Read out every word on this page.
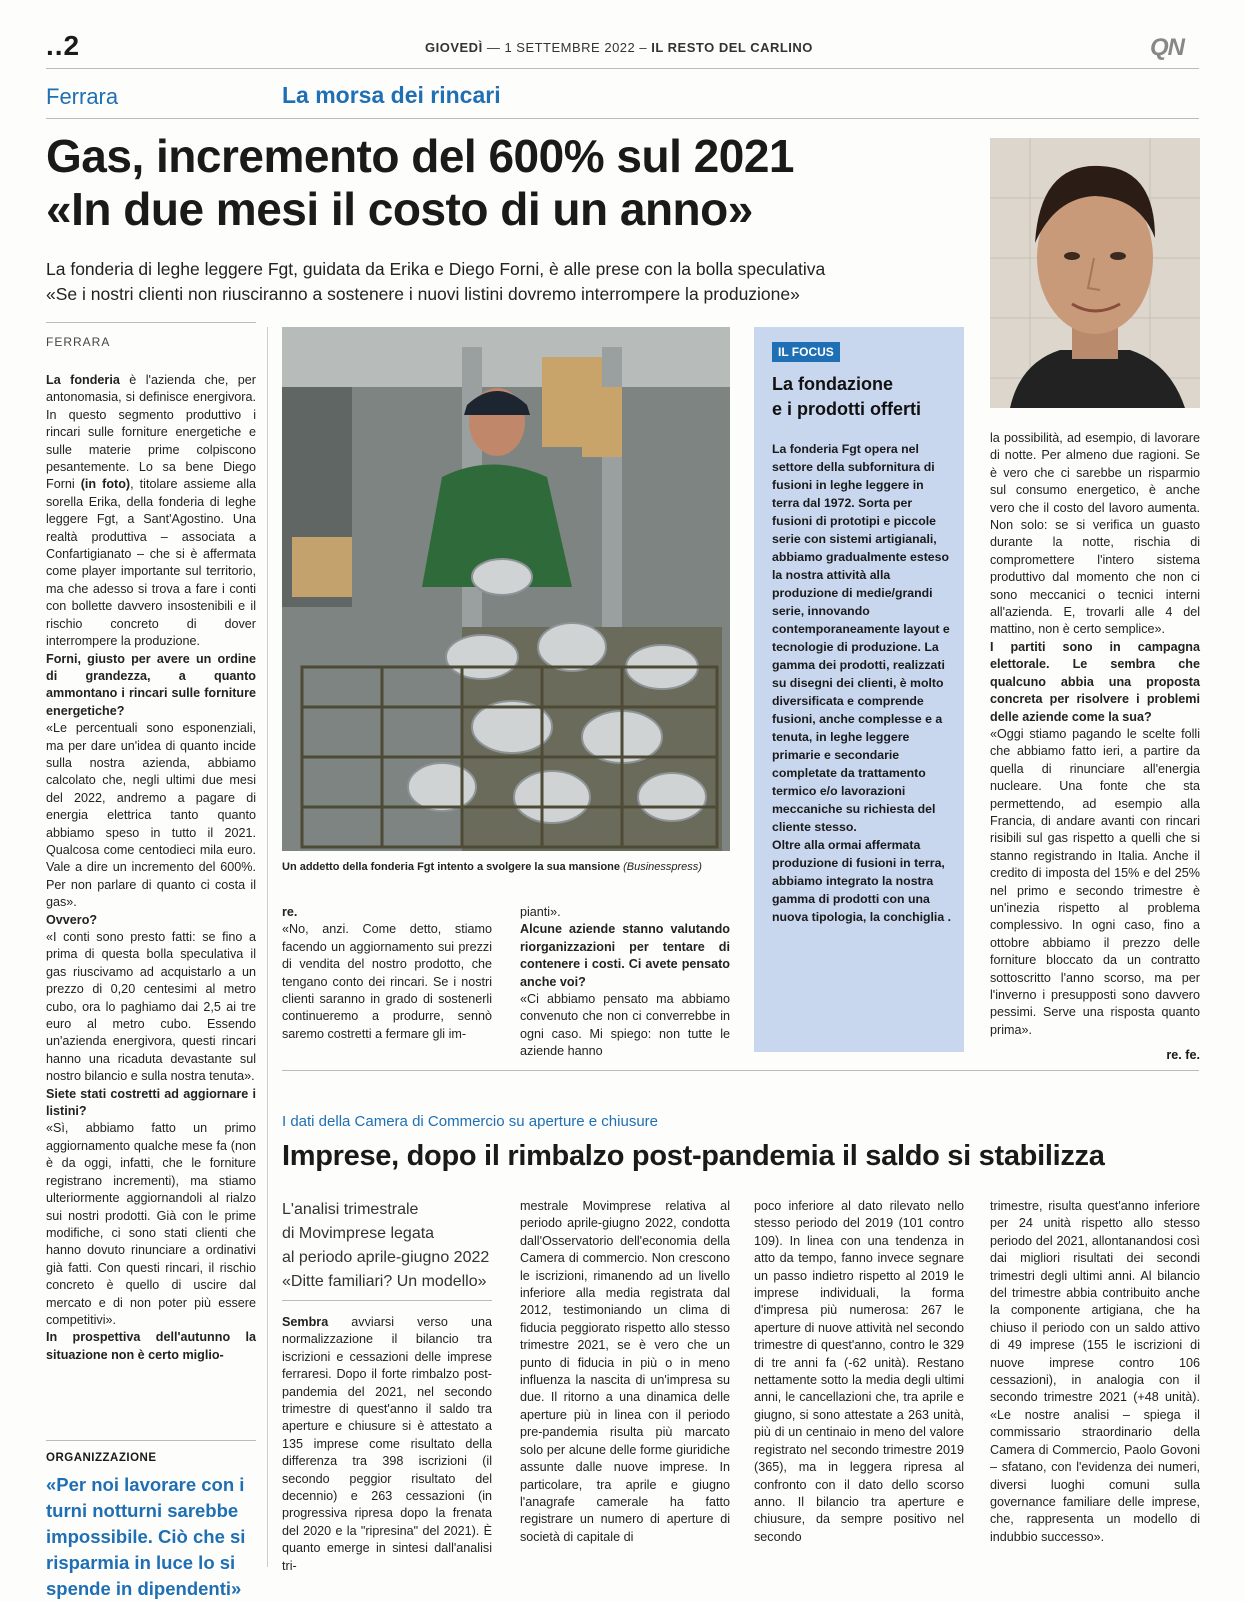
..2	GIOVEDÌ — 1 SETTEMBRE 2022 – IL RESTO DEL CARLINO	QN
Ferrara	La morsa dei rincari
Gas, incremento del 600% sul 2021
«In due mesi il costo di un anno»

La fonderia di leghe leggere Fgt, guidata da Erika e Diego Forni, è alle prese con la bolla speculativa
«Se i nostri clienti non riusciranno a sostenere i nuovi listini dovremo interrompere la produzione»

FERRARA

La fonderia è l'azienda che, per antonomasia, si definisce energivora. In questo segmento produttivo i rincari sulle forniture energetiche e sulle materie prime colpiscono pesantemente. Lo sa bene Diego Forni (in foto), titolare assieme alla sorella Erika, della fonderia di leghe leggere Fgt, a Sant'Agostino. Una realtà produttiva – associata a Confartigianato – che si è affermata come player importante sul territorio, ma che adesso si trova a fare i conti con bollette davvero insostenibili e il rischio concreto di dover interrompere la produzione.

Forni, giusto per avere un ordine di grandezza, a quanto ammontano i rincari sulle forniture energetiche?

«Le percentuali sono esponenziali, ma per dare un'idea di quanto incide sulla nostra azienda, abbiamo calcolato che, negli ultimi due mesi del 2022, andremo a pagare di energia elettrica tanto quanto abbiamo speso in tutto il 2021. Qualcosa come centodieci mila euro. Vale a dire un incremento del 600%. Per non parlare di quanto ci costa il gas».

Ovvero?

«I conti sono presto fatti: se fino a prima di questa bolla speculativa il gas riuscivamo ad acquistarlo a un prezzo di 0,20 centesimi al metro cubo, ora lo paghiamo dai 2,5 ai tre euro al metro cubo. Essendo un'azienda energivora, questi rincari hanno una ricaduta devastante sul nostro bilancio e sulla nostra tenuta».

Siete stati costretti ad aggiornare i listini?

«Sì, abbiamo fatto un primo aggiornamento qualche mese fa (non è da oggi, infatti, che le forniture registrano incrementi), ma stiamo ulteriormente aggiornandoli al rialzo sui nostri prodotti. Già con le prime modifiche, ci sono stati clienti che hanno dovuto rinunciare a ordinativi già fatti. Con questi rincari, il rischio concreto è quello di uscire dal mercato e di non poter più essere competitivi».

In prospettiva dell'autunno la situazione non è certo miglio-

Un addetto della fonderia Fgt intento a svolgere la sua mansione (Businesspress)

re.

«No, anzi. Come detto, stiamo facendo un aggiornamento sui prezzi di vendita del nostro prodotto, che tengano conto dei rincari. Se i nostri clienti saranno in grado di sostenerli continueremo a produrre, sennò saremo costretti a fermare gli im-

pianti».

Alcune aziende stanno valutando riorganizzazioni per tentare di contenere i costi. Ci avete pensato anche voi?

«Ci abbiamo pensato ma abbiamo convenuto che non ci converrebbe in ogni caso. Mi spiego: non tutte le aziende hanno

IL FOCUS
La fondazione
e i prodotti offerti
La fonderia Fgt opera nel settore della subfornitura di fusioni in leghe leggere in terra dal 1972. Sorta per fusioni di prototipi e piccole serie con sistemi artigianali, abbiamo gradualmente esteso la nostra attività alla produzione di medie/grandi serie, innovando contemporaneamente layout e tecnologie di produzione. La gamma dei prodotti, realizzati su disegni dei clienti, è molto diversificata e comprende fusioni, anche complesse e a tenuta, in leghe leggere primarie e secondarie completate da trattamento termico e/o lavorazioni meccaniche su richiesta del cliente stesso.
Oltre alla ormai affermata produzione di fusioni in terra, abbiamo integrato la nostra gamma di prodotti con una nuova tipologia, la conchiglia .

la possibilità, ad esempio, di lavorare di notte. Per almeno due ragioni. Se è vero che ci sarebbe un risparmio sul consumo energetico, è anche vero che il costo del lavoro aumenta. Non solo: se si verifica un guasto durante la notte, rischia di compromettere l'intero sistema produttivo dal momento che non ci sono meccanici o tecnici interni all'azienda. E, trovarli alle 4 del mattino, non è certo semplice».

I partiti sono in campagna elettorale. Le sembra che qualcuno abbia una proposta concreta per risolvere i problemi delle aziende come la sua?

«Oggi stiamo pagando le scelte folli che abbiamo fatto ieri, a partire da quella di rinunciare all'energia nucleare. Una fonte che sta permettendo, ad esempio alla Francia, di andare avanti con rincari risibili sul gas rispetto a quelli che si stanno registrando in Italia. Anche il credito di imposta del 15% e del 25% nel primo e secondo trimestre è un'inezia rispetto al problema complessivo. In ogni caso, fino a ottobre abbiamo il prezzo delle forniture bloccato da un contratto sottoscritto l'anno scorso, ma per l'inverno i presupposti sono davvero pessimi. Serve una risposta quanto prima».

re. fe.
ORGANIZZAZIONE
«Per noi lavorare con i turni notturni sarebbe impossibile. Ciò che si risparmia in luce lo si spende in dipendenti»
I dati della Camera di Commercio su aperture e chiusure
Imprese, dopo il rimbalzo post-pandemia il saldo si stabilizza
L'analisi trimestrale
di Movimprese legata
al periodo aprile-giugno 2022
«Ditte familiari? Un modello»

Sembra avviarsi verso una normalizzazione il bilancio tra iscrizioni e cessazioni delle imprese ferraresi. Dopo il forte rimbalzo post-pandemia del 2021, nel secondo trimestre di quest'anno il saldo tra aperture e chiusure si è attestato a 135 imprese come risultato della differenza tra 398 iscrizioni (il secondo peggior risultato del decennio) e 263 cessazioni (in progressiva ripresa dopo la frenata del 2020 e la "ripresina" del 2021). È quanto emerge in sintesi dall'analisi tri-

mestrale Movimprese relativa al periodo aprile-giugno 2022, condotta dall'Osservatorio dell'economia della Camera di commercio. Non crescono le iscrizioni, rimanendo ad un livello inferiore alla media registrata dal 2012, testimoniando un clima di fiducia peggiorato rispetto allo stesso trimestre 2021, se è vero che un punto di fiducia in più o in meno influenza la nascita di un'impresa su due. Il ritorno a una dinamica delle aperture più in linea con il periodo pre-pandemia risulta più marcato solo per alcune delle forme giuridiche assunte dalle nuove imprese. In particolare, tra aprile e giugno l'anagrafe camerale ha fatto registrare un numero di aperture di società di capitale di

poco inferiore al dato rilevato nello stesso periodo del 2019 (101 contro 109). In linea con una tendenza in atto da tempo, fanno invece segnare un passo indietro rispetto al 2019 le imprese individuali, la forma d'impresa più numerosa: 267 le aperture di nuove attività nel secondo trimestre di quest'anno, contro le 329 di tre anni fa (-62 unità). Restano nettamente sotto la media degli ultimi anni, le cancellazioni che, tra aprile e giugno, si sono attestate a 263 unità, più di un centinaio in meno del valore registrato nel secondo trimestre 2019 (365), ma in leggera ripresa al confronto con il dato dello scorso anno. Il bilancio tra aperture e chiusure, da sempre positivo nel secondo

trimestre, risulta quest'anno inferiore per 24 unità rispetto allo stesso periodo del 2021, allontanandosi così dai migliori risultati dei secondi trimestri degli ultimi anni. Al bilancio del trimestre abbia contribuito anche la componente artigiana, che ha chiuso il periodo con un saldo attivo di 49 imprese (155 le iscrizioni di nuove imprese contro 106 cessazioni), in analogia con il secondo trimestre 2021 (+48 unità). «Le nostre analisi – spiega il commissario straordinario della Camera di Commercio, Paolo Govoni – sfatano, con l'evidenza dei numeri, diversi luoghi comuni sulla governance familiare delle imprese, che, rappresenta un modello di indubbio successo».
